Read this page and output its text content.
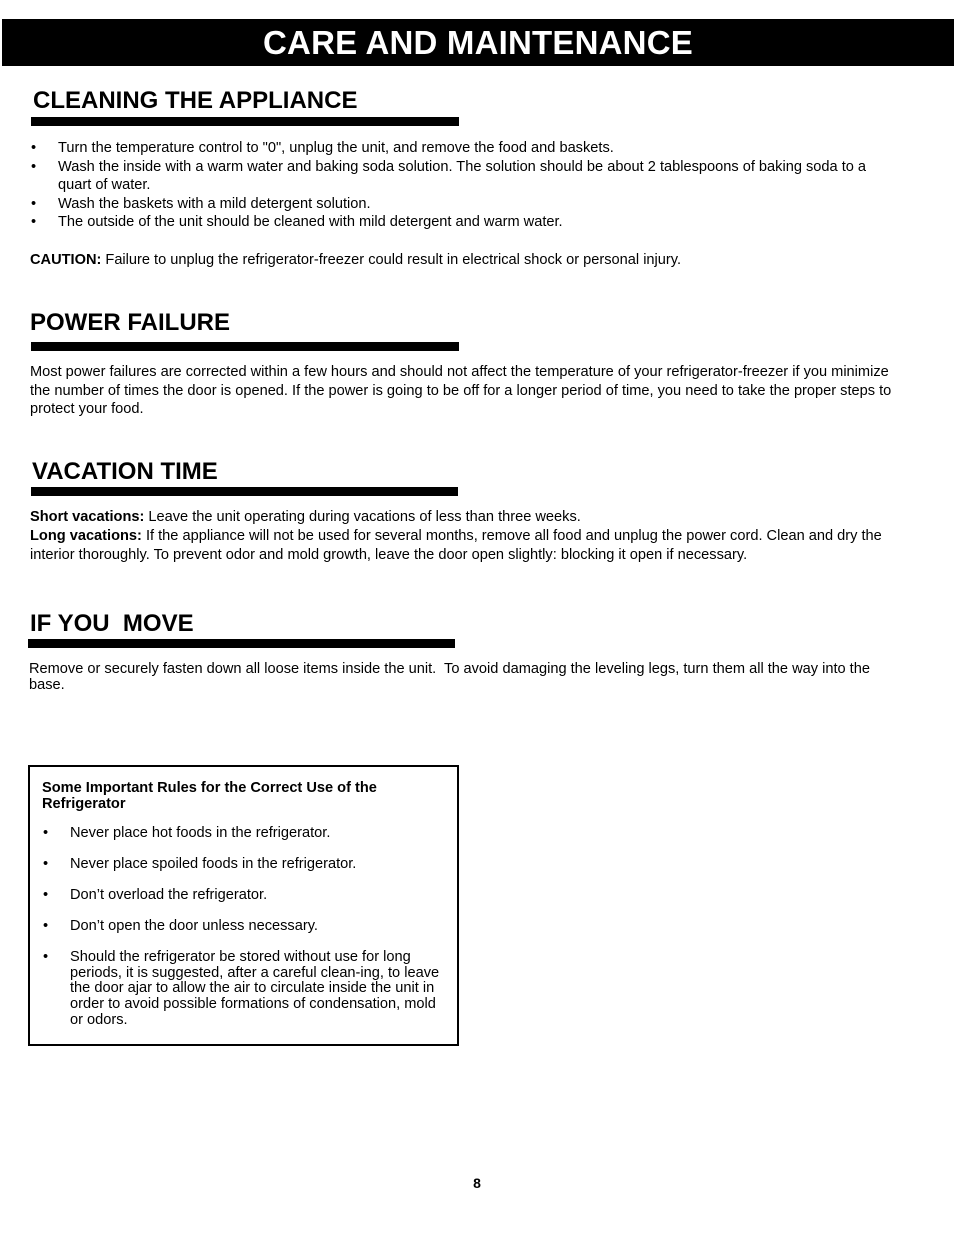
CARE AND MAINTENANCE
CLEANING THE APPLIANCE
• Turn the temperature control to "0", unplug the unit, and remove the food and baskets.
• Wash the inside with a warm water and baking soda solution. The solution should be about 2 tablespoons of baking soda to a quart of water.
• Wash the baskets with a mild detergent solution.
• The outside of the unit should be cleaned with mild detergent and warm water.
CAUTION: Failure to unplug the refrigerator-freezer could result in electrical shock or personal injury.
POWER FAILURE
Most power failures are corrected within a few hours and should not affect the temperature of your refrigerator-freezer if you minimize the number of times the door is opened. If the power is going to be off for a longer period of time, you need to take the proper steps to protect your food.
VACATION TIME
Short vacations: Leave the unit operating during vacations of less than three weeks.
Long vacations: If the appliance will not be used for several months, remove all food and unplug the power cord. Clean and dry the interior thoroughly. To prevent odor and mold growth, leave the door open slightly: blocking it open if necessary.
IF YOU  MOVE
Remove or securely fasten down all loose items inside the unit.  To avoid damaging the leveling legs, turn them all the way into the base.
Some Important Rules for the Correct Use of the Refrigerator
• Never place hot foods in the refrigerator.
• Never place spoiled foods in the refrigerator.
• Don’t overload the refrigerator.
• Don’t open the door unless necessary.
• Should the refrigerator be stored without use for long periods, it is suggested, after a careful clean-ing, to leave the door ajar to allow the air to circulate inside the unit in order to avoid possible formations of condensation, mold or odors.
8
